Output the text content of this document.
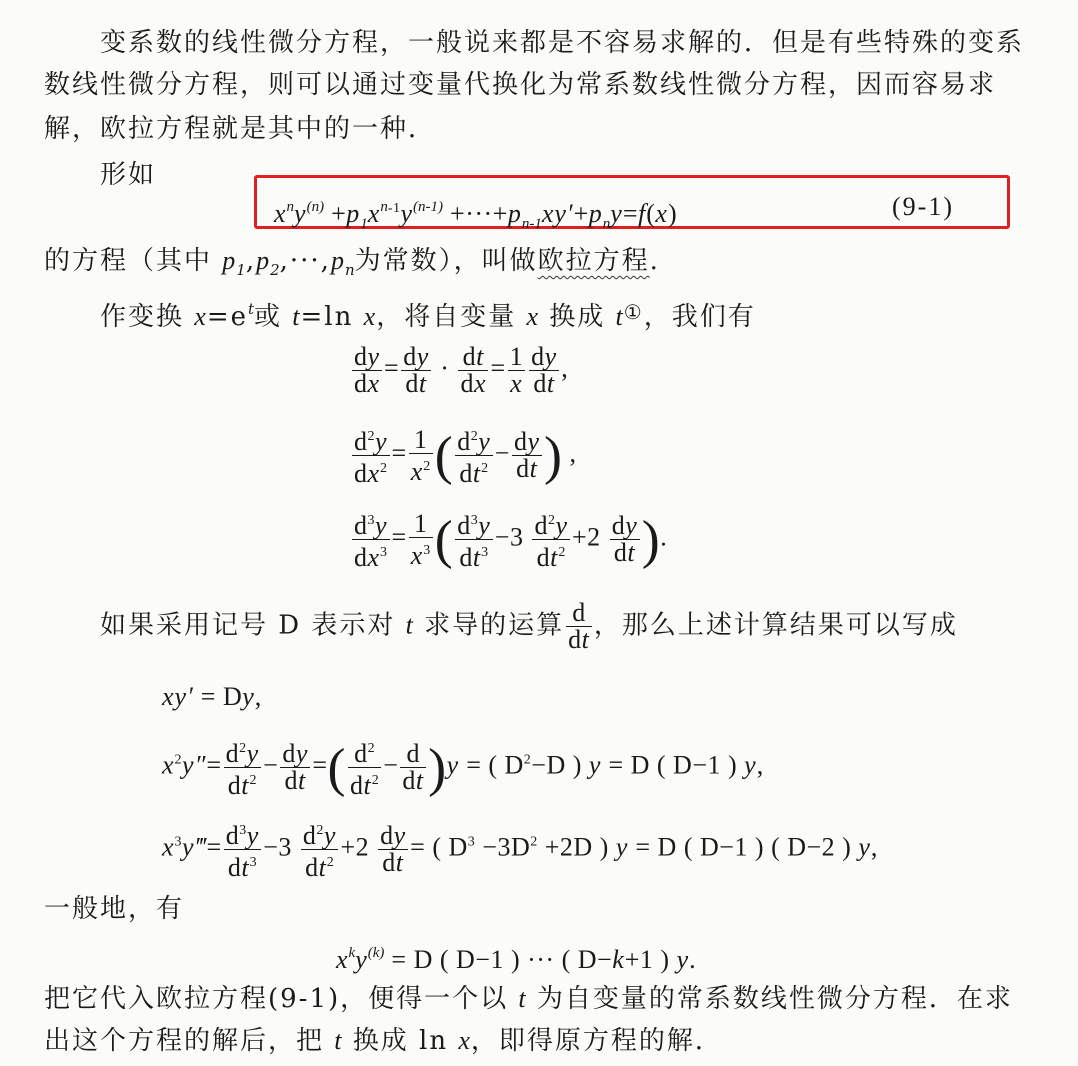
变系数的线性微分方程，一般说来都是不容易求解的．但是有些特殊的变系
数线性微分方程，则可以通过变量代换化为常系数线性微分方程，因而容易求
解，欧拉方程就是其中的一种．
形如
$x^ny^{(n)} +p_1x^{n-1}y^{(n-1)} +\cdot\cdot\cdot+p_{n-1}xy'+p_ny=f(x)$	(9-1)
的方程（其中 $p_1,p_2,\cdot\cdot\cdot,p_n$为常数），叫做欧拉方程.
作变换 $x=e^t$或 t=ln x，将自变量 x 换成 t①，我们有
$\frac{dy}{dx} = \frac{dy}{dt} \cdot \frac{dt}{dx} = \frac{1}{x} \frac{dy}{dt}$ ,
$\frac{d^2y}{dx^2} = \frac{1}{x^2}$ ( $\frac{d^2y}{dt^2} - \frac{dy}{dt}$ ) ,
$\frac{d^3y}{dx^3} = \frac{1}{x^3}$ ( $\frac{d^3y}{dt^3} -3 \frac{d^2y}{dt^2} +2 \frac{dy}{dt}$ ).
如果采用记号 D 表示对 t 求导的运算 $\frac{d}{dt}$ ，那么上述计算结果可以写成
xy′ = Dy,
$x^2y''= \frac{d^2y}{dt^2} - \frac{dy}{dt}$ =( $\frac{d^2}{dt^2} - \frac{d}{dt} )y$ = ( $D^2-D$ ) y = D ( D−1 ) y,
$x^3y‴= \frac{d^3y}{dt^3} -3 \frac{d^2y}{dt^2} +2 \frac{dy}{dt}$ = ( $D^3 -3D^2 +2D$ ) y = D ( D−1 ) ( D−2 ) y,
一般地，有
$x^ky^{(k)} = D$ ( D−1 ) ··· ( D−k+1 ) y.
把它代入欧拉方程(9-1)，便得一个以 t 为自变量的常系数线性微分方程．在求
出这个方程的解后，把 t 换成 ln x，即得原方程的解．
